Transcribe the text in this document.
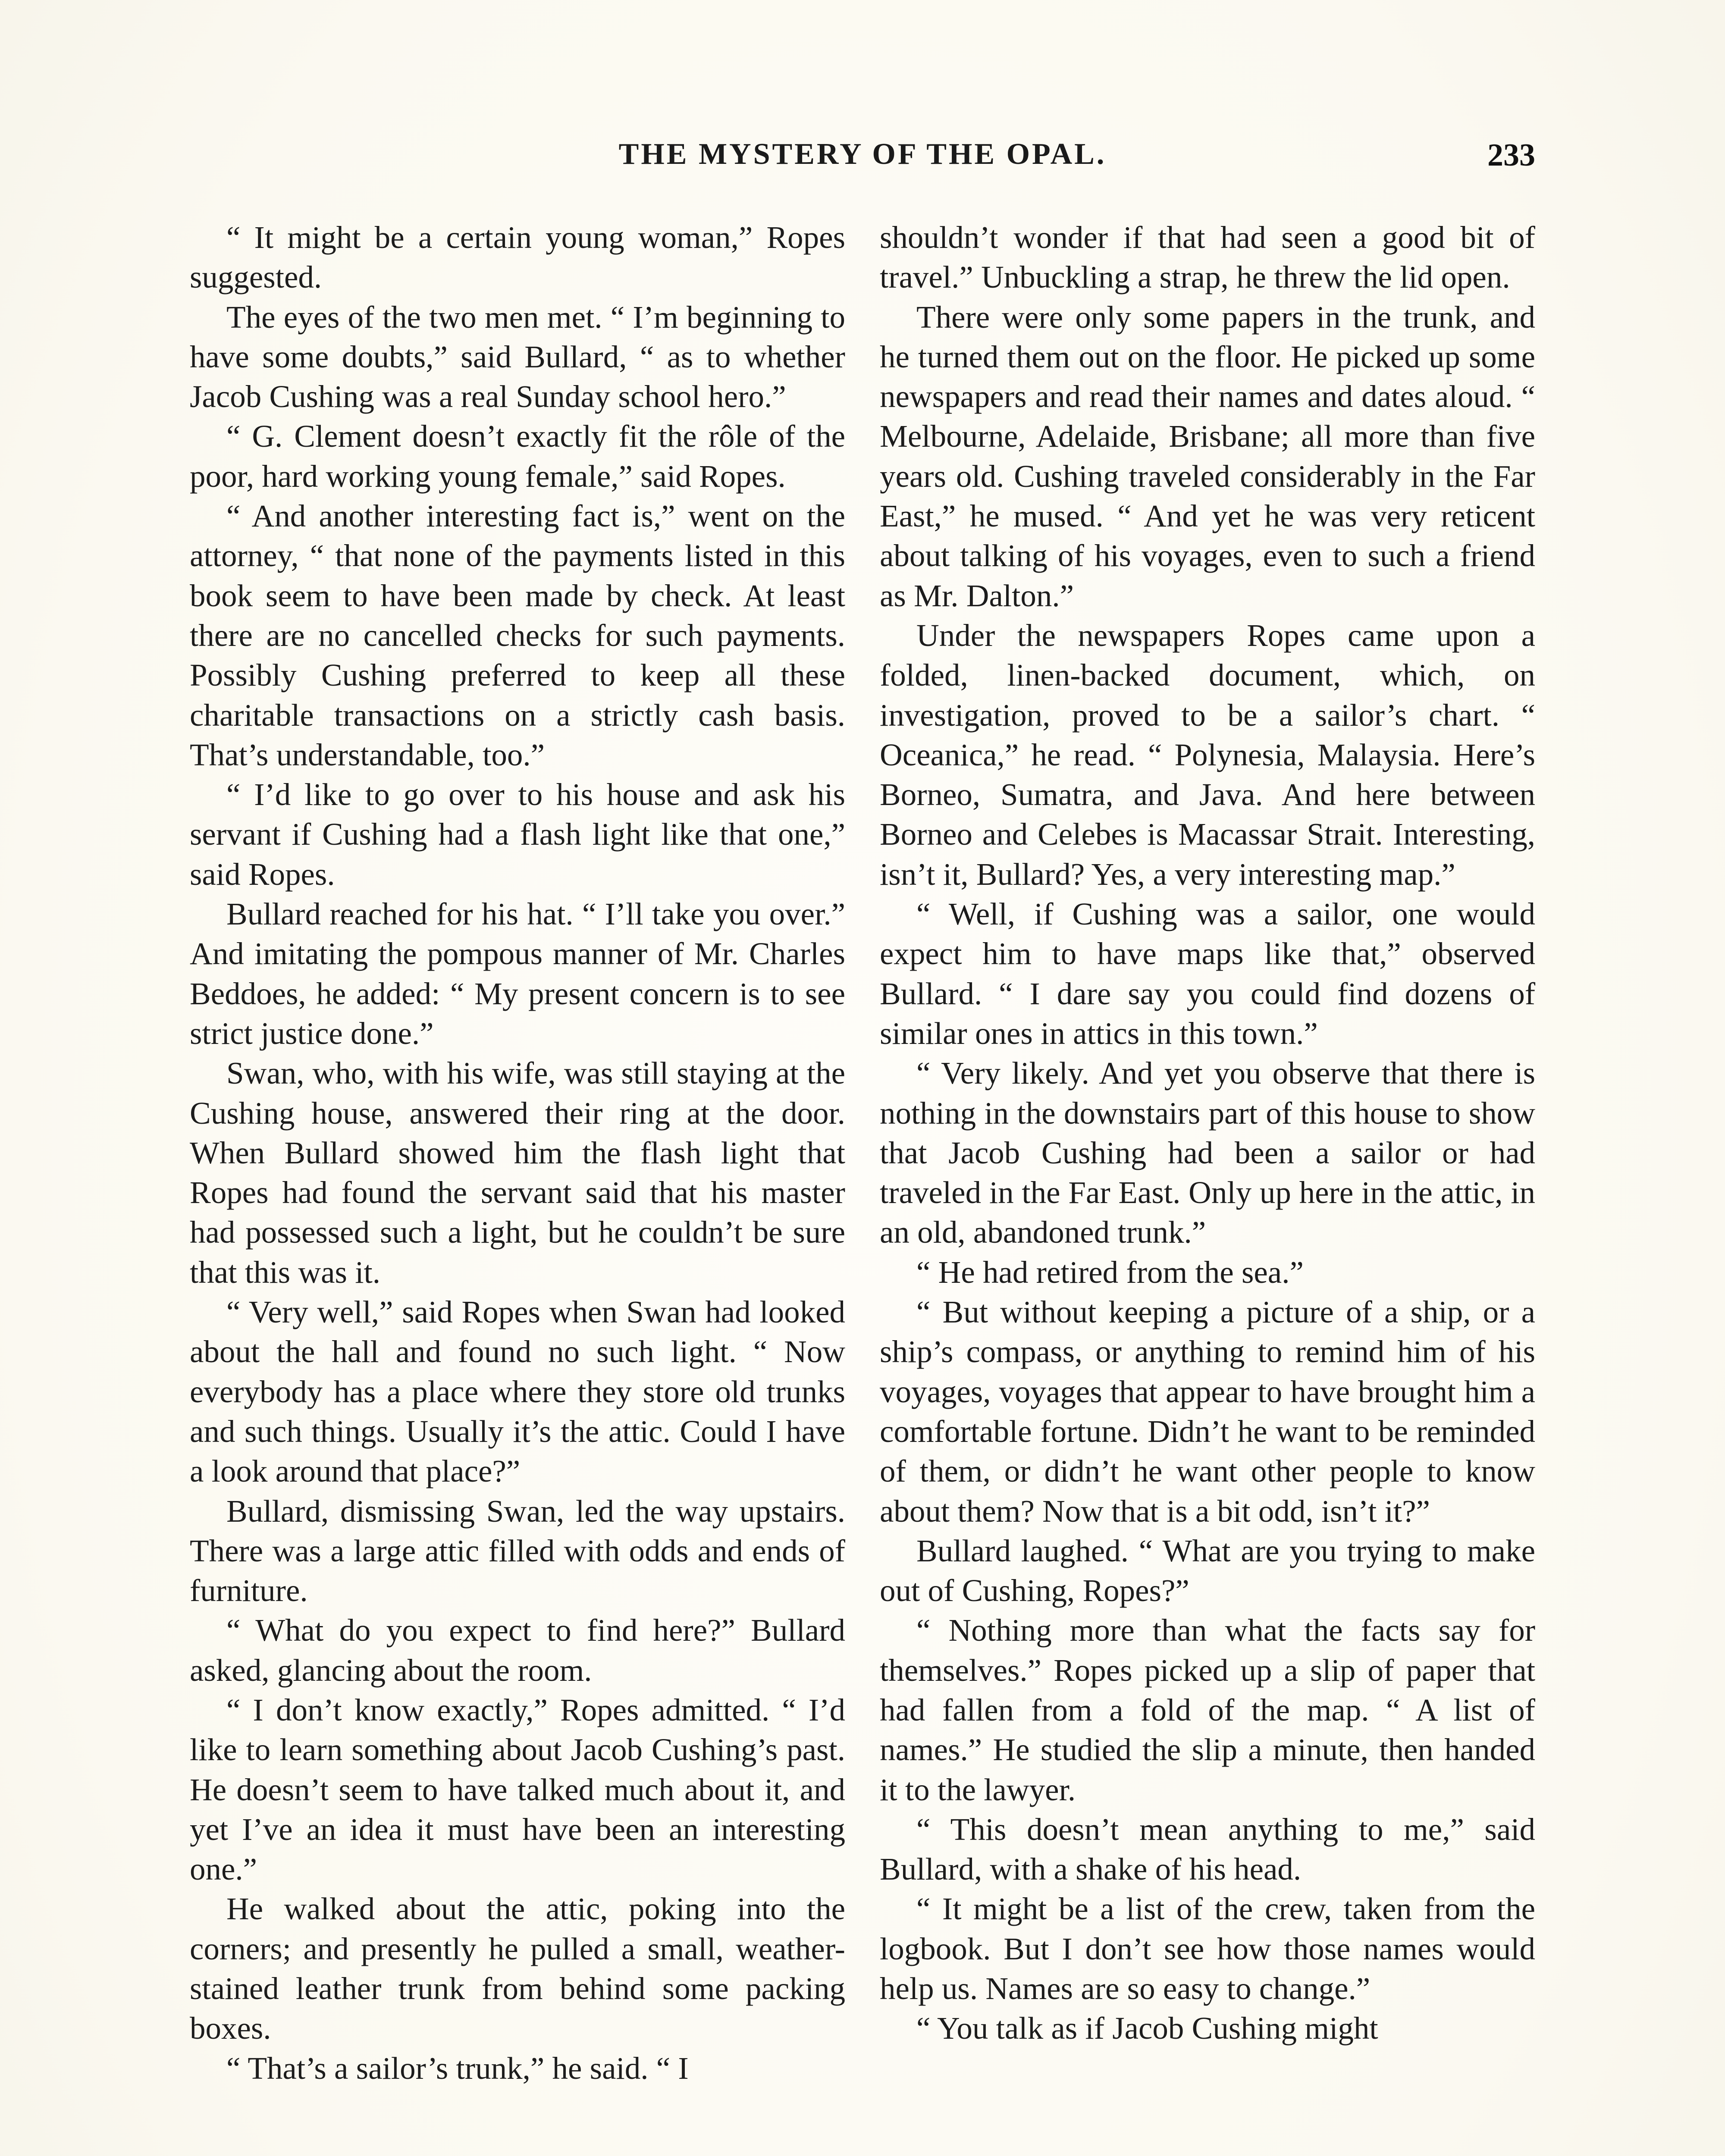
THE MYSTERY OF THE OPAL.	233

“ It might be a certain young woman,” Ropes suggested.

The eyes of the two men met. “ I’m beginning to have some doubts,” said Bullard, “ as to whether Jacob Cushing was a real Sunday school hero.”

“ G. Clement doesn’t exactly fit the rôle of the poor, hard working young female,” said Ropes.

“ And another interesting fact is,” went on the attorney, “ that none of the payments listed in this book seem to have been made by check. At least there are no cancelled checks for such payments. Possibly Cushing preferred to keep all these charitable transactions on a strictly cash basis. That’s understandable, too.”

“ I’d like to go over to his house and ask his servant if Cushing had a flash light like that one,” said Ropes.

Bullard reached for his hat. “ I’ll take you over.” And imitating the pompous manner of Mr. Charles Beddoes, he added: “ My present concern is to see strict justice done.”

Swan, who, with his wife, was still staying at the Cushing house, answered their ring at the door. When Bullard showed him the flash light that Ropes had found the servant said that his master had possessed such a light, but he couldn’t be sure that this was it.

“ Very well,” said Ropes when Swan had looked about the hall and found no such light. “ Now everybody has a place where they store old trunks and such things. Usually it’s the attic. Could I have a look around that place?”

Bullard, dismissing Swan, led the way upstairs. There was a large attic filled with odds and ends of furniture.

“ What do you expect to find here?” Bullard asked, glancing about the room.

“ I don’t know exactly,” Ropes admitted. “ I’d like to learn something about Jacob Cushing’s past. He doesn’t seem to have talked much about it, and yet I’ve an idea it must have been an interesting one.”

He walked about the attic, poking into the corners; and presently he pulled a small, weather-stained leather trunk from behind some packing boxes.

“ That’s a sailor’s trunk,” he said. “ I

shouldn’t wonder if that had seen a good bit of travel.” Unbuckling a strap, he threw the lid open.

There were only some papers in the trunk, and he turned them out on the floor. He picked up some newspapers and read their names and dates aloud. “ Melbourne, Adelaide, Brisbane; all more than five years old. Cushing traveled considerably in the Far East,” he mused. “ And yet he was very reticent about talking of his voyages, even to such a friend as Mr. Dalton.”

Under the newspapers Ropes came upon a folded, linen-backed document, which, on investigation, proved to be a sailor’s chart. “ Oceanica,” he read. “ Polynesia, Malaysia. Here’s Borneo, Sumatra, and Java. And here between Borneo and Celebes is Macassar Strait. Interesting, isn’t it, Bullard? Yes, a very interesting map.”

“ Well, if Cushing was a sailor, one would expect him to have maps like that,” observed Bullard. “ I dare say you could find dozens of similar ones in attics in this town.”

“ Very likely. And yet you observe that there is nothing in the downstairs part of this house to show that Jacob Cushing had been a sailor or had traveled in the Far East. Only up here in the attic, in an old, abandoned trunk.”

“ He had retired from the sea.”

“ But without keeping a picture of a ship, or a ship’s compass, or anything to remind him of his voyages, voyages that appear to have brought him a comfortable fortune. Didn’t he want to be reminded of them, or didn’t he want other people to know about them? Now that is a bit odd, isn’t it?”

Bullard laughed. “ What are you trying to make out of Cushing, Ropes?”

“ Nothing more than what the facts say for themselves.” Ropes picked up a slip of paper that had fallen from a fold of the map. “ A list of names.” He studied the slip a minute, then handed it to the lawyer.

“ This doesn’t mean anything to me,” said Bullard, with a shake of his head.

“ It might be a list of the crew, taken from the logbook. But I don’t see how those names would help us. Names are so easy to change.”

“ You talk as if Jacob Cushing might
